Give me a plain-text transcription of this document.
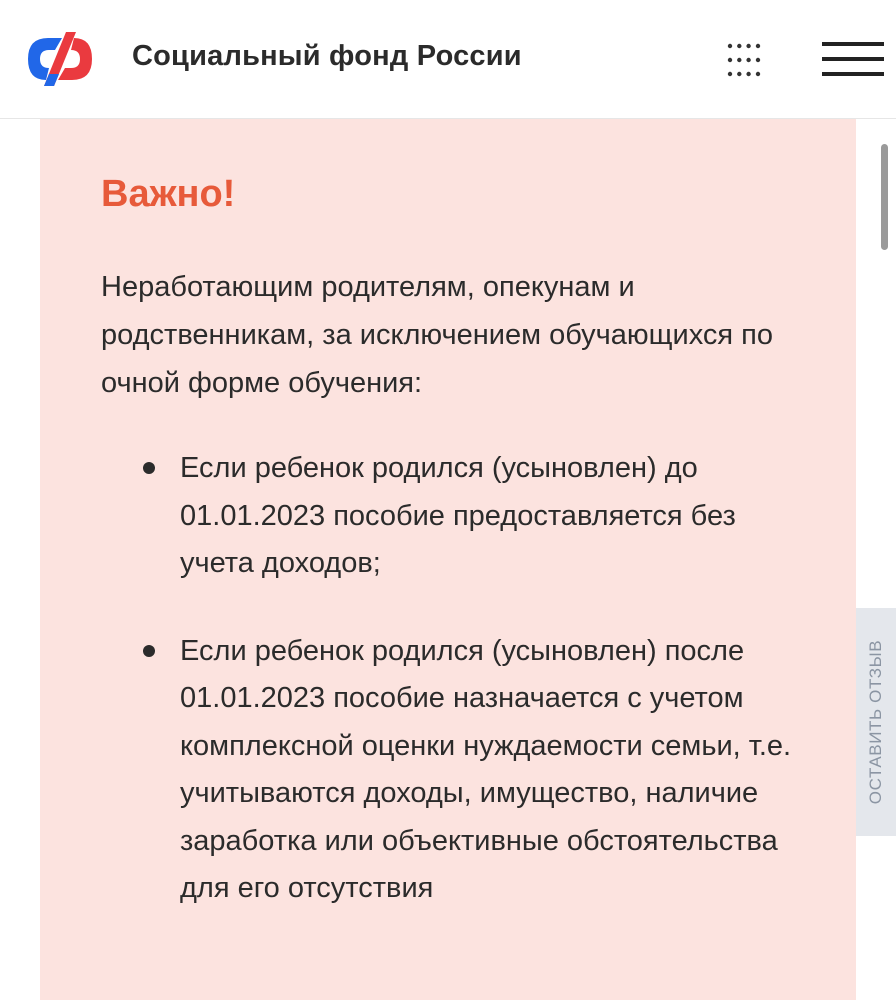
Социальный фонд России
Важно!

Неработающим родителям, опекунам и родственникам, за исключением обучающихся по очной форме обучения:

Если ребенок родился (усыновлен) до 01.01.2023 пособие предоставляется без учета доходов;
Если ребенок родился (усыновлен) после 01.01.2023 пособие назначается с учетом комплексной оценки нуждаемости семьи, т.е. учитываются доходы, имущество, наличие заработка или объективные обстоятельства для его отсутствия
ОСТАВИТЬ ОТЗЫВ
